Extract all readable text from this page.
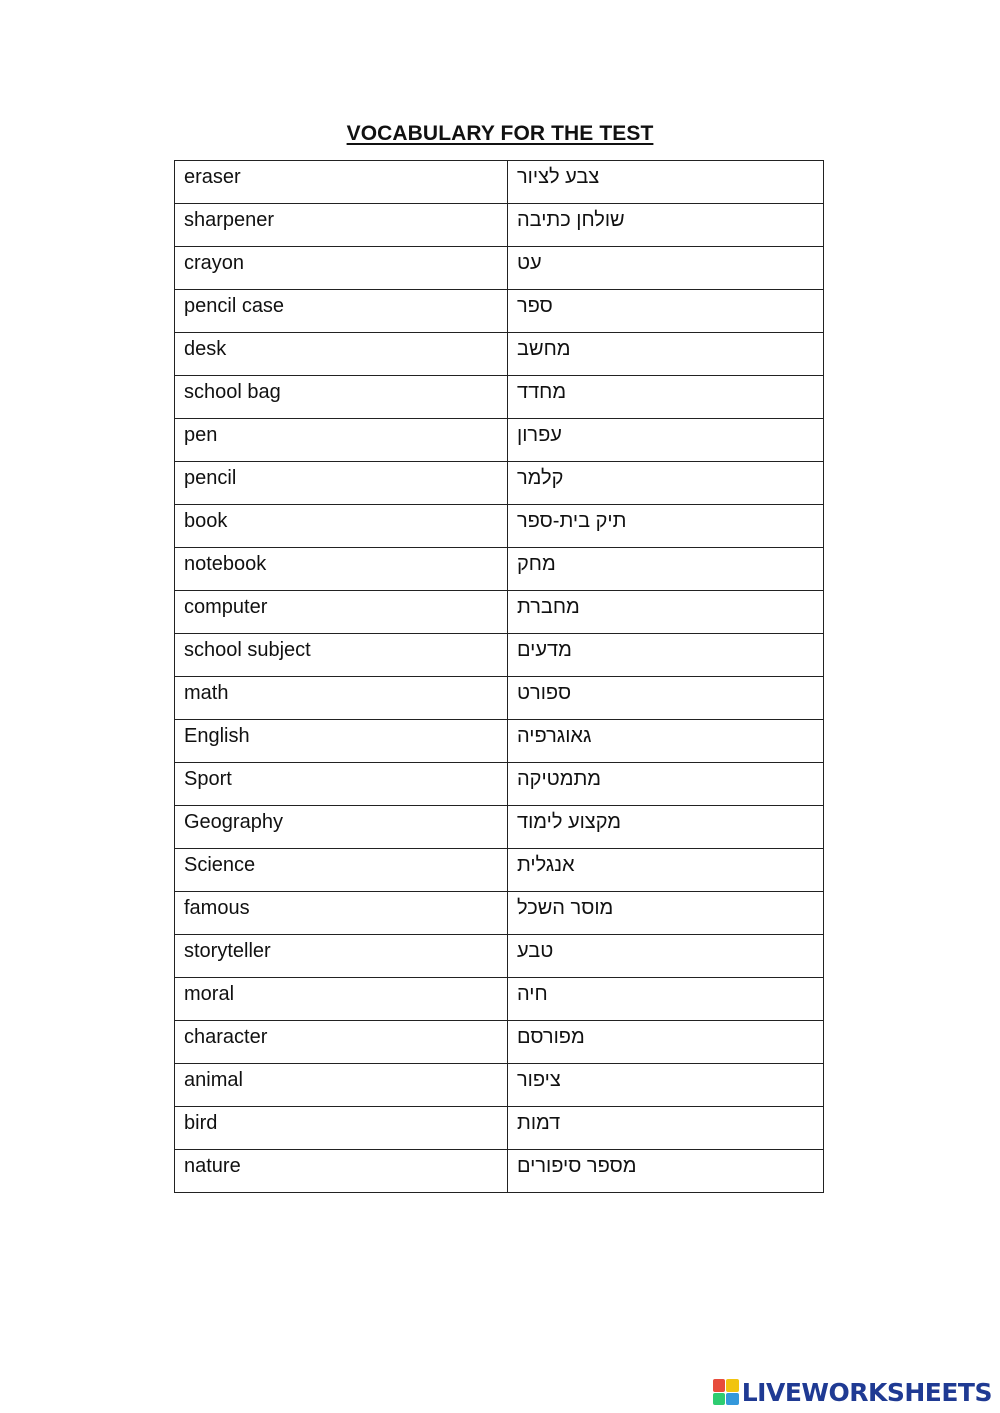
VOCABULARY FOR THE TEST
eraser	צבע לציור
sharpener	שולחן כתיבה
crayon	עט
pencil case	ספר
desk	מחשב
school bag	מחדד
pen	עפרון
pencil	קלמר
book	תיק בית-ספר
notebook	מחק
computer	מחברת
school subject	מדעים
math	ספורט
English	גאוגרפיה
Sport	מתמטיקה
Geography	מקצוע לימוד
Science	אנגלית
famous	מוסר השכל
storyteller	טבע
moral	חיה
character	מפורסם
animal	ציפור
bird	דמות
nature	מספר סיפורים
LIVEWORKSHEETS
